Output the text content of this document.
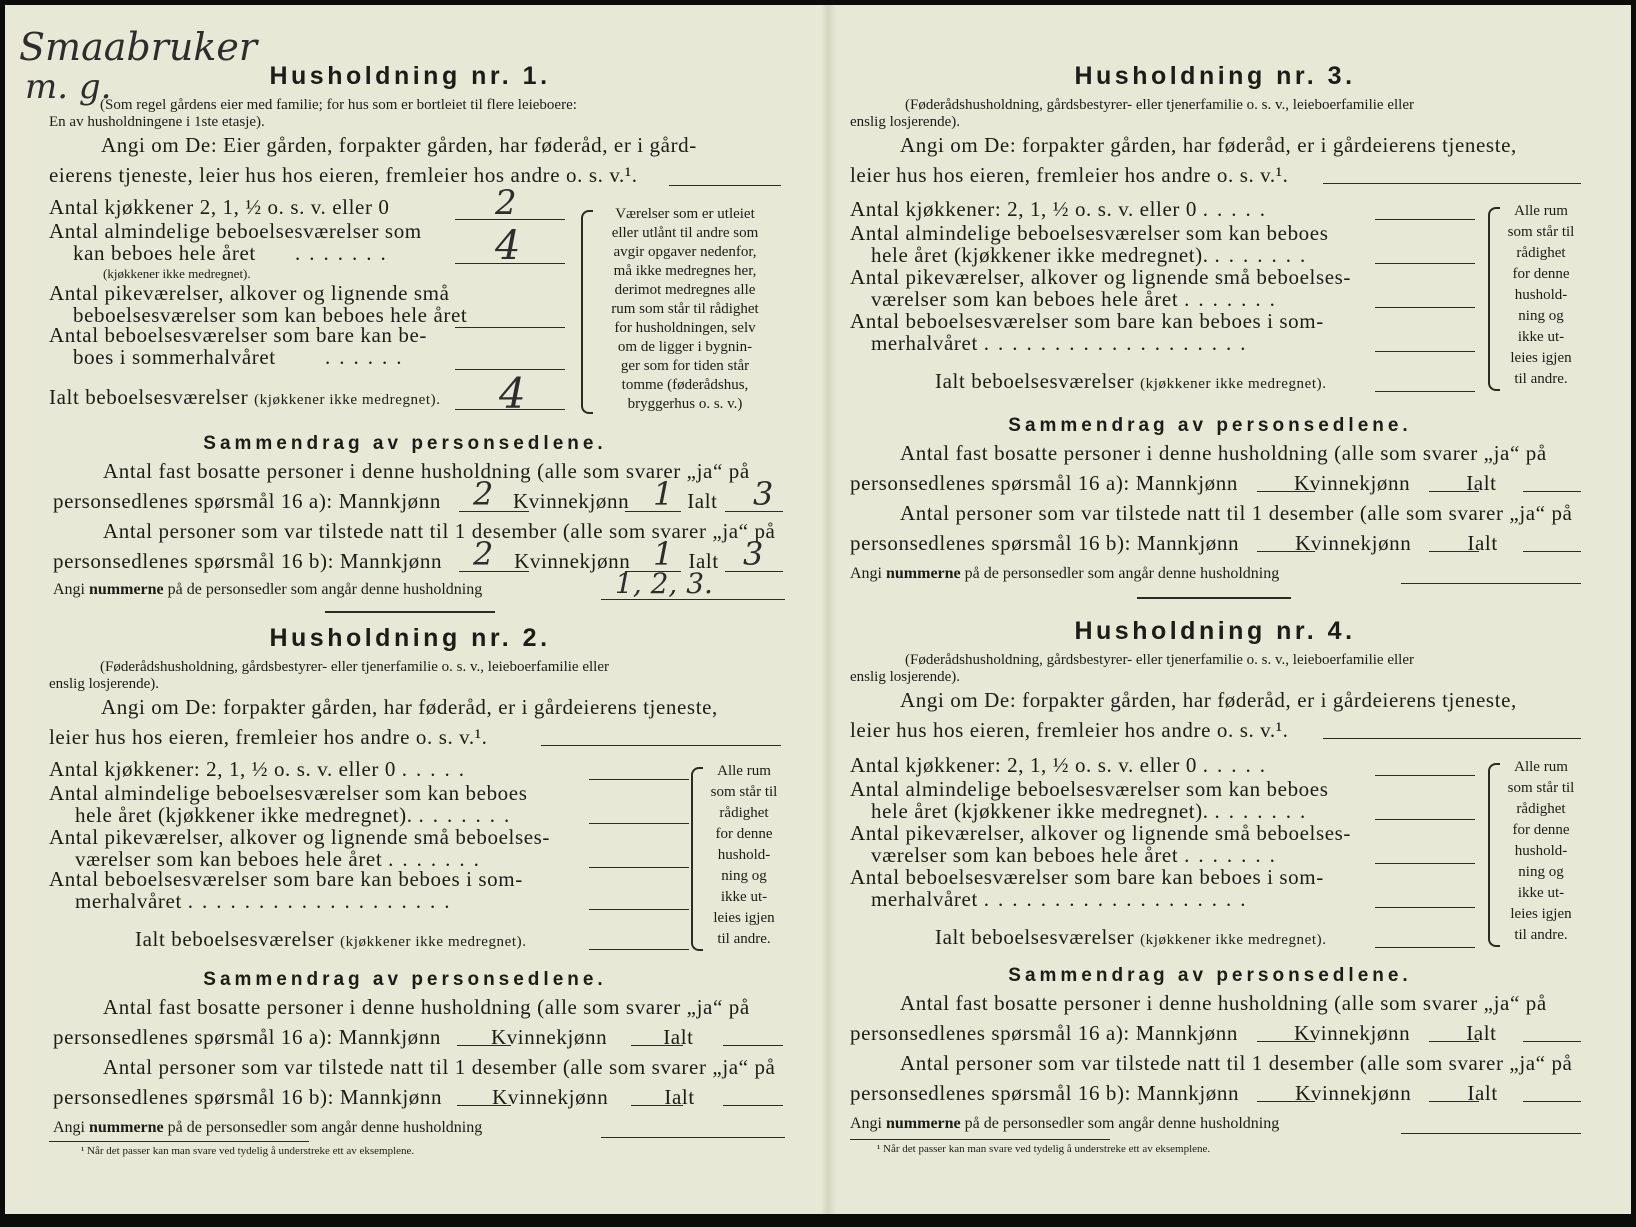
Smaabruker
m. g.	Husholdning nr. 1.
(Som regel gårdens eier med familie; for hus som er bortleiet til flere leieboere:
En av husholdningene i 1ste etasje).
Angi om De: Eier gården, forpakter gården, har føderåd, er i gård-
eierens tjeneste, leier hus hos eieren, fremleier hos andre o. s. v.¹.
Antal kjøkkener 2, 1, ½ o. s. v. eller 0	2
Antal almindelige beboelsesværelser som
kan beboes hele året .......	4
(kjøkkener ikke medregnet).
Antal pikeværelser, alkover og lignende små
beboelsesværelser som kan beboes hele året
Antal beboelsesværelser som bare kan be-
boes i sommerhalvåret ......
Ialt beboelsesværelser (kjøkkener ikke medregnet). 4
Værelser som er utleiet
eller utlånt til andre som
avgir opgaver nedenfor,
må ikke medregnes her,
derimot medregnes alle
rum som står til rådighet
for husholdningen, selv
om de ligger i bygnin-
ger som for tiden står
tomme (føderådshus,
bryggerhus o. s. v.)
Sammendrag av personsedlene.
Antal fast bosatte personer i denne husholdning (alle som svarer „ja“ på
personsedlenes spørsmål 16 a): Mannkjønn	Kvinnekjønn	Ialt
2	1 3
Antal personer som var tilstede natt til 1 desember (alle som svarer „ja“ på
personsedlenes spørsmål 16 b): Mannkjønn	Kvinnekjønn	Ialt
2	1 3
Angi nummerne på de personsedler som angår denne husholdning	1, 2, 3.
Husholdning nr. 2.
(Føderådshusholdning, gårdsbestyrer- eller tjenerfamilie o. s. v., leieboerfamilie eller
enslig losjerende).
Angi om De: forpakter gården, har føderåd, er i gårdeierens tjeneste,
leier hus hos eieren, fremleier hos andre o. s. v.¹.
Antal kjøkkener: 2, 1, ½ o. s. v. eller 0 .....
Antal almindelige beboelsesværelser som kan beboes
hele året (kjøkkener ikke medregnet). .......
Antal pikeværelser, alkover og lignende små beboelses-
værelser som kan beboes hele året .......
Antal beboelsesværelser som bare kan beboes i som-
merhalvåret ...................
Ialt beboelsesværelser (kjøkkener ikke medregnet).
Alle rum
som står til
rådighet
for denne
hushold-
ning og
ikke ut-
leies igjen
til andre.
Sammendrag av personsedlene.
Antal fast bosatte personer i denne husholdning (alle som svarer „ja“ på
personsedlenes spørsmål 16 a): Mannkjønn Kvinnekjønn	Ialt
Antal personer som var tilstede natt til 1 desember (alle som svarer „ja“ på
personsedlenes spørsmål 16 b): Mannkjønn Kvinnekjønn	Ialt
Angi nummerne på de personsedler som angår denne husholdning
¹ Når det passer kan man svare ved tydelig å understreke ett av eksemplene.
Husholdning nr. 3.
(Føderådshusholdning, gårdsbestyrer- eller tjenerfamilie o. s. v., leieboerfamilie eller
enslig losjerende).
Angi om De: forpakter gården, har føderåd, er i gårdeierens tjeneste,
leier hus hos eieren, fremleier hos andre o. s. v.¹.
Antal kjøkkener: 2, 1, ½ o. s. v. eller 0 .....
Antal almindelige beboelsesværelser som kan beboes
hele året (kjøkkener ikke medregnet). .......
Antal pikeværelser, alkover og lignende små beboelses-
værelser som kan beboes hele året .......
Antal beboelsesværelser som bare kan beboes i som-
merhalvåret ...................
Ialt beboelsesværelser (kjøkkener ikke medregnet).
Alle rum
som står til
rådighet
for denne
hushold-
ning og
ikke ut-
leies igjen
til andre.
Sammendrag av personsedlene.
Antal fast bosatte personer i denne husholdning (alle som svarer „ja“ på
personsedlenes spørsmål 16 a): Mannkjønn	Kvinnekjønn	Ialt
Antal personer som var tilstede natt til 1 desember (alle som svarer „ja“ på
personsedlenes spørsmål 16 b): Mannkjønn	Kvinnekjønn	Ialt
Angi nummerne på de personsedler som angår denne husholdning
Husholdning nr. 4.
(Føderådshusholdning, gårdsbestyrer- eller tjenerfamilie o. s. v., leieboerfamilie eller
enslig losjerende).
Angi om De: forpakter gården, har føderåd, er i gårdeierens tjeneste,
leier hus hos eieren, fremleier hos andre o. s. v.¹.
Antal kjøkkener: 2, 1, ½ o. s. v. eller 0 .....
Antal almindelige beboelsesværelser som kan beboes
hele året (kjøkkener ikke medregnet). .......
Antal pikeværelser, alkover og lignende små beboelses-
værelser som kan beboes hele året .......
Antal beboelsesværelser som bare kan beboes i som-
merhalvåret ...................
Ialt beboelsesværelser (kjøkkener ikke medregnet).
Alle rum
som står til
rådighet
for denne
hushold-
ning og
ikke ut-
leies igjen
til andre.
Sammendrag av personsedlene.
Antal fast bosatte personer i denne husholdning (alle som svarer „ja“ på
personsedlenes spørsmål 16 a): Mannkjønn	Kvinnekjønn	Ialt
Antal personer som var tilstede natt til 1 desember (alle som svarer „ja“ på
personsedlenes spørsmål 16 b): Mannkjønn	Kvinnekjønn	Ialt
Angi nummerne på de personsedler som angår denne husholdning
¹ Når det passer kan man svare ved tydelig å understreke ett av eksemplene.
